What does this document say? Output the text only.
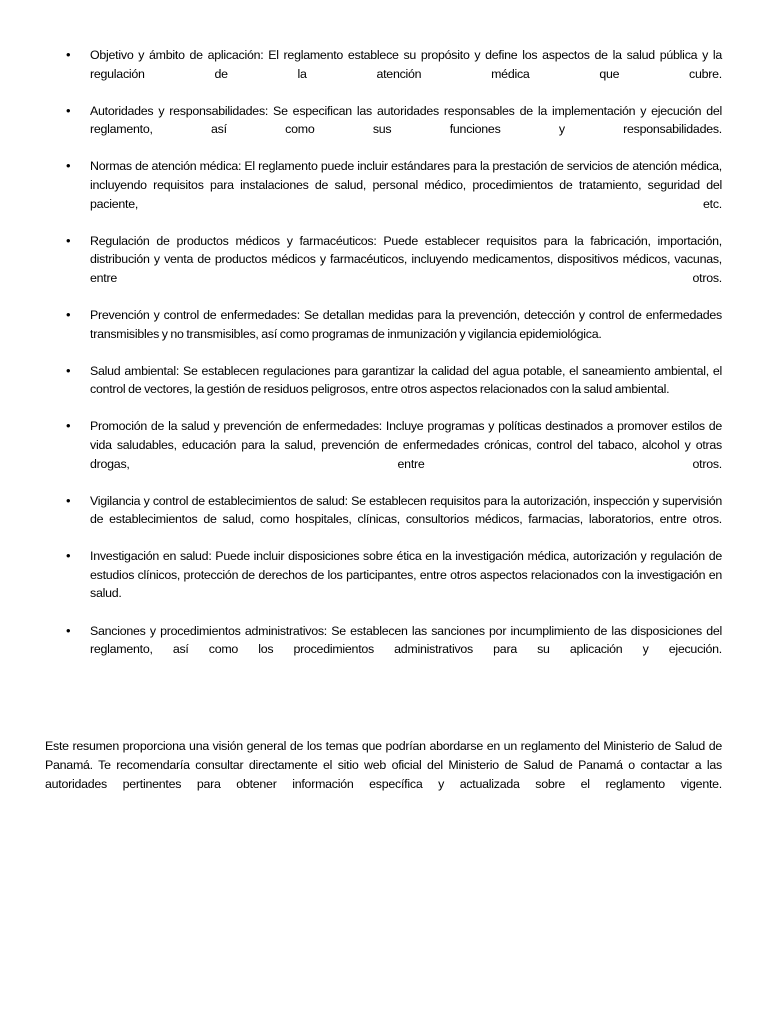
• Objetivo y ámbito de aplicación: El reglamento establece su propósito y define los aspectos de la salud pública y la regulación de la atención médica que cubre.
• Autoridades y responsabilidades: Se especifican las autoridades responsables de la implementación y ejecución del reglamento, así como sus funciones y responsabilidades.
• Normas de atención médica: El reglamento puede incluir estándares para la prestación de servicios de atención médica, incluyendo requisitos para instalaciones de salud, personal médico, procedimientos de tratamiento, seguridad del paciente, etc.
• Regulación de productos médicos y farmacéuticos: Puede establecer requisitos para la fabricación, importación, distribución y venta de productos médicos y farmacéuticos, incluyendo medicamentos, dispositivos médicos, vacunas, entre otros.
• Prevención y control de enfermedades: Se detallan medidas para la prevención, detección y control de enfermedades transmisibles y no transmisibles, así como programas de inmunización y vigilancia epidemiológica.
• Salud ambiental: Se establecen regulaciones para garantizar la calidad del agua potable, el saneamiento ambiental, el control de vectores, la gestión de residuos peligrosos, entre otros aspectos relacionados con la salud ambiental.
• Promoción de la salud y prevención de enfermedades: Incluye programas y políticas destinados a promover estilos de vida saludables, educación para la salud, prevención de enfermedades crónicas, control del tabaco, alcohol y otras drogas, entre otros.
• Vigilancia y control de establecimientos de salud: Se establecen requisitos para la autorización, inspección y supervisión de establecimientos de salud, como hospitales, clínicas, consultorios médicos, farmacias, laboratorios, entre otros.
• Investigación en salud: Puede incluir disposiciones sobre ética en la investigación médica, autorización y regulación de estudios clínicos, protección de derechos de los participantes, entre otros aspectos relacionados con la investigación en salud.
• Sanciones y procedimientos administrativos: Se establecen las sanciones por incumplimiento de las disposiciones del reglamento, así como los procedimientos administrativos para su aplicación y ejecución.
Este resumen proporciona una visión general de los temas que podrían abordarse en un reglamento del Ministerio de Salud de Panamá. Te recomendaría consultar directamente el sitio web oficial del Ministerio de Salud de Panamá o contactar a las autoridades pertinentes para obtener información específica y actualizada sobre el reglamento vigente.
